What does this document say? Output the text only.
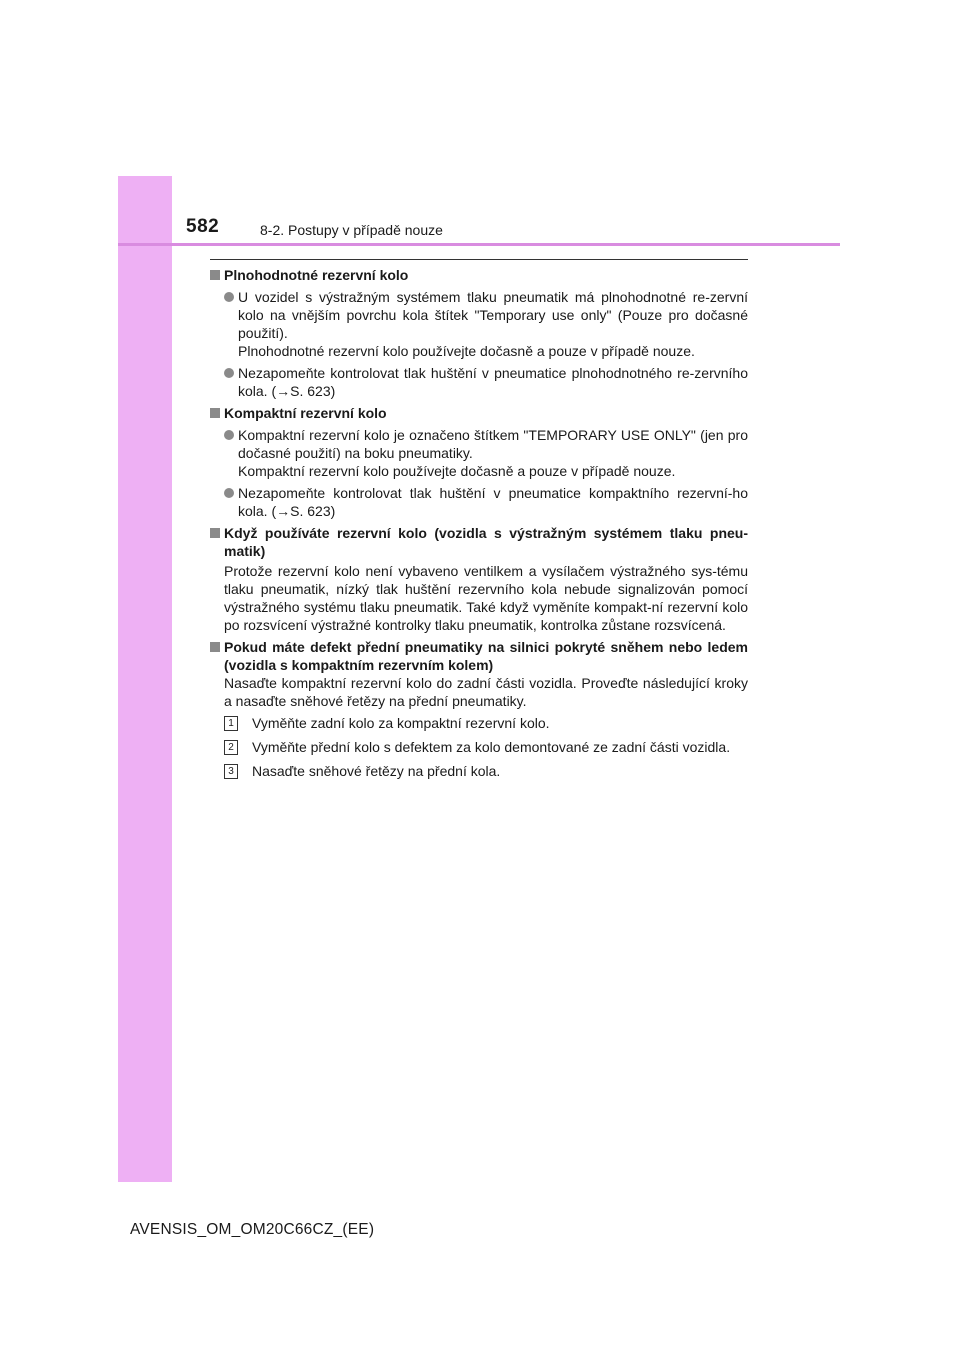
582	8-2. Postupy v případě nouze
Plnohodnotné rezervní kolo
U vozidel s výstražným systémem tlaku pneumatik má plnohodnotné re-zervní kolo na vnějším povrchu kola štítek "Temporary use only" (Pouze pro dočasné použití).
Plnohodnotné rezervní kolo používejte dočasně a pouze v případě nouze.
Nezapomeňte kontrolovat tlak huštění v pneumatice plnohodnotného re-zervního kola. (→S. 623)
Kompaktní rezervní kolo
Kompaktní rezervní kolo je označeno štítkem "TEMPORARY USE ONLY" (jen pro dočasné použití) na boku pneumatiky.
Kompaktní rezervní kolo používejte dočasně a pouze v případě nouze.
Nezapomeňte kontrolovat tlak huštění v pneumatice kompaktního rezervní-ho kola. (→S. 623)
Když používáte rezervní kolo (vozidla s výstražným systémem tlaku pneu-matik)
Protože rezervní kolo není vybaveno ventilkem a vysílačem výstražného sys-tému tlaku pneumatik, nízký tlak huštění rezervního kola nebude signalizován pomocí výstražného systému tlaku pneumatik. Také když vyměníte kompakt-ní rezervní kolo po rozsvícení výstražné kontrolky tlaku pneumatik, kontrolka zůstane rozsvícená.
Pokud máte defekt přední pneumatiky na silnici pokryté sněhem nebo ledem (vozidla s kompaktním rezervním kolem)
Nasaďte kompaktní rezervní kolo do zadní části vozidla. Proveďte následující kroky a nasaďte sněhové řetězy na přední pneumatiky.
1	Vyměňte zadní kolo za kompaktní rezervní kolo.
2	Vyměňte přední kolo s defektem za kolo demontované ze zadní části vozidla.
3	Nasaďte sněhové řetězy na přední kola.
AVENSIS_OM_OM20C66CZ_(EE)
